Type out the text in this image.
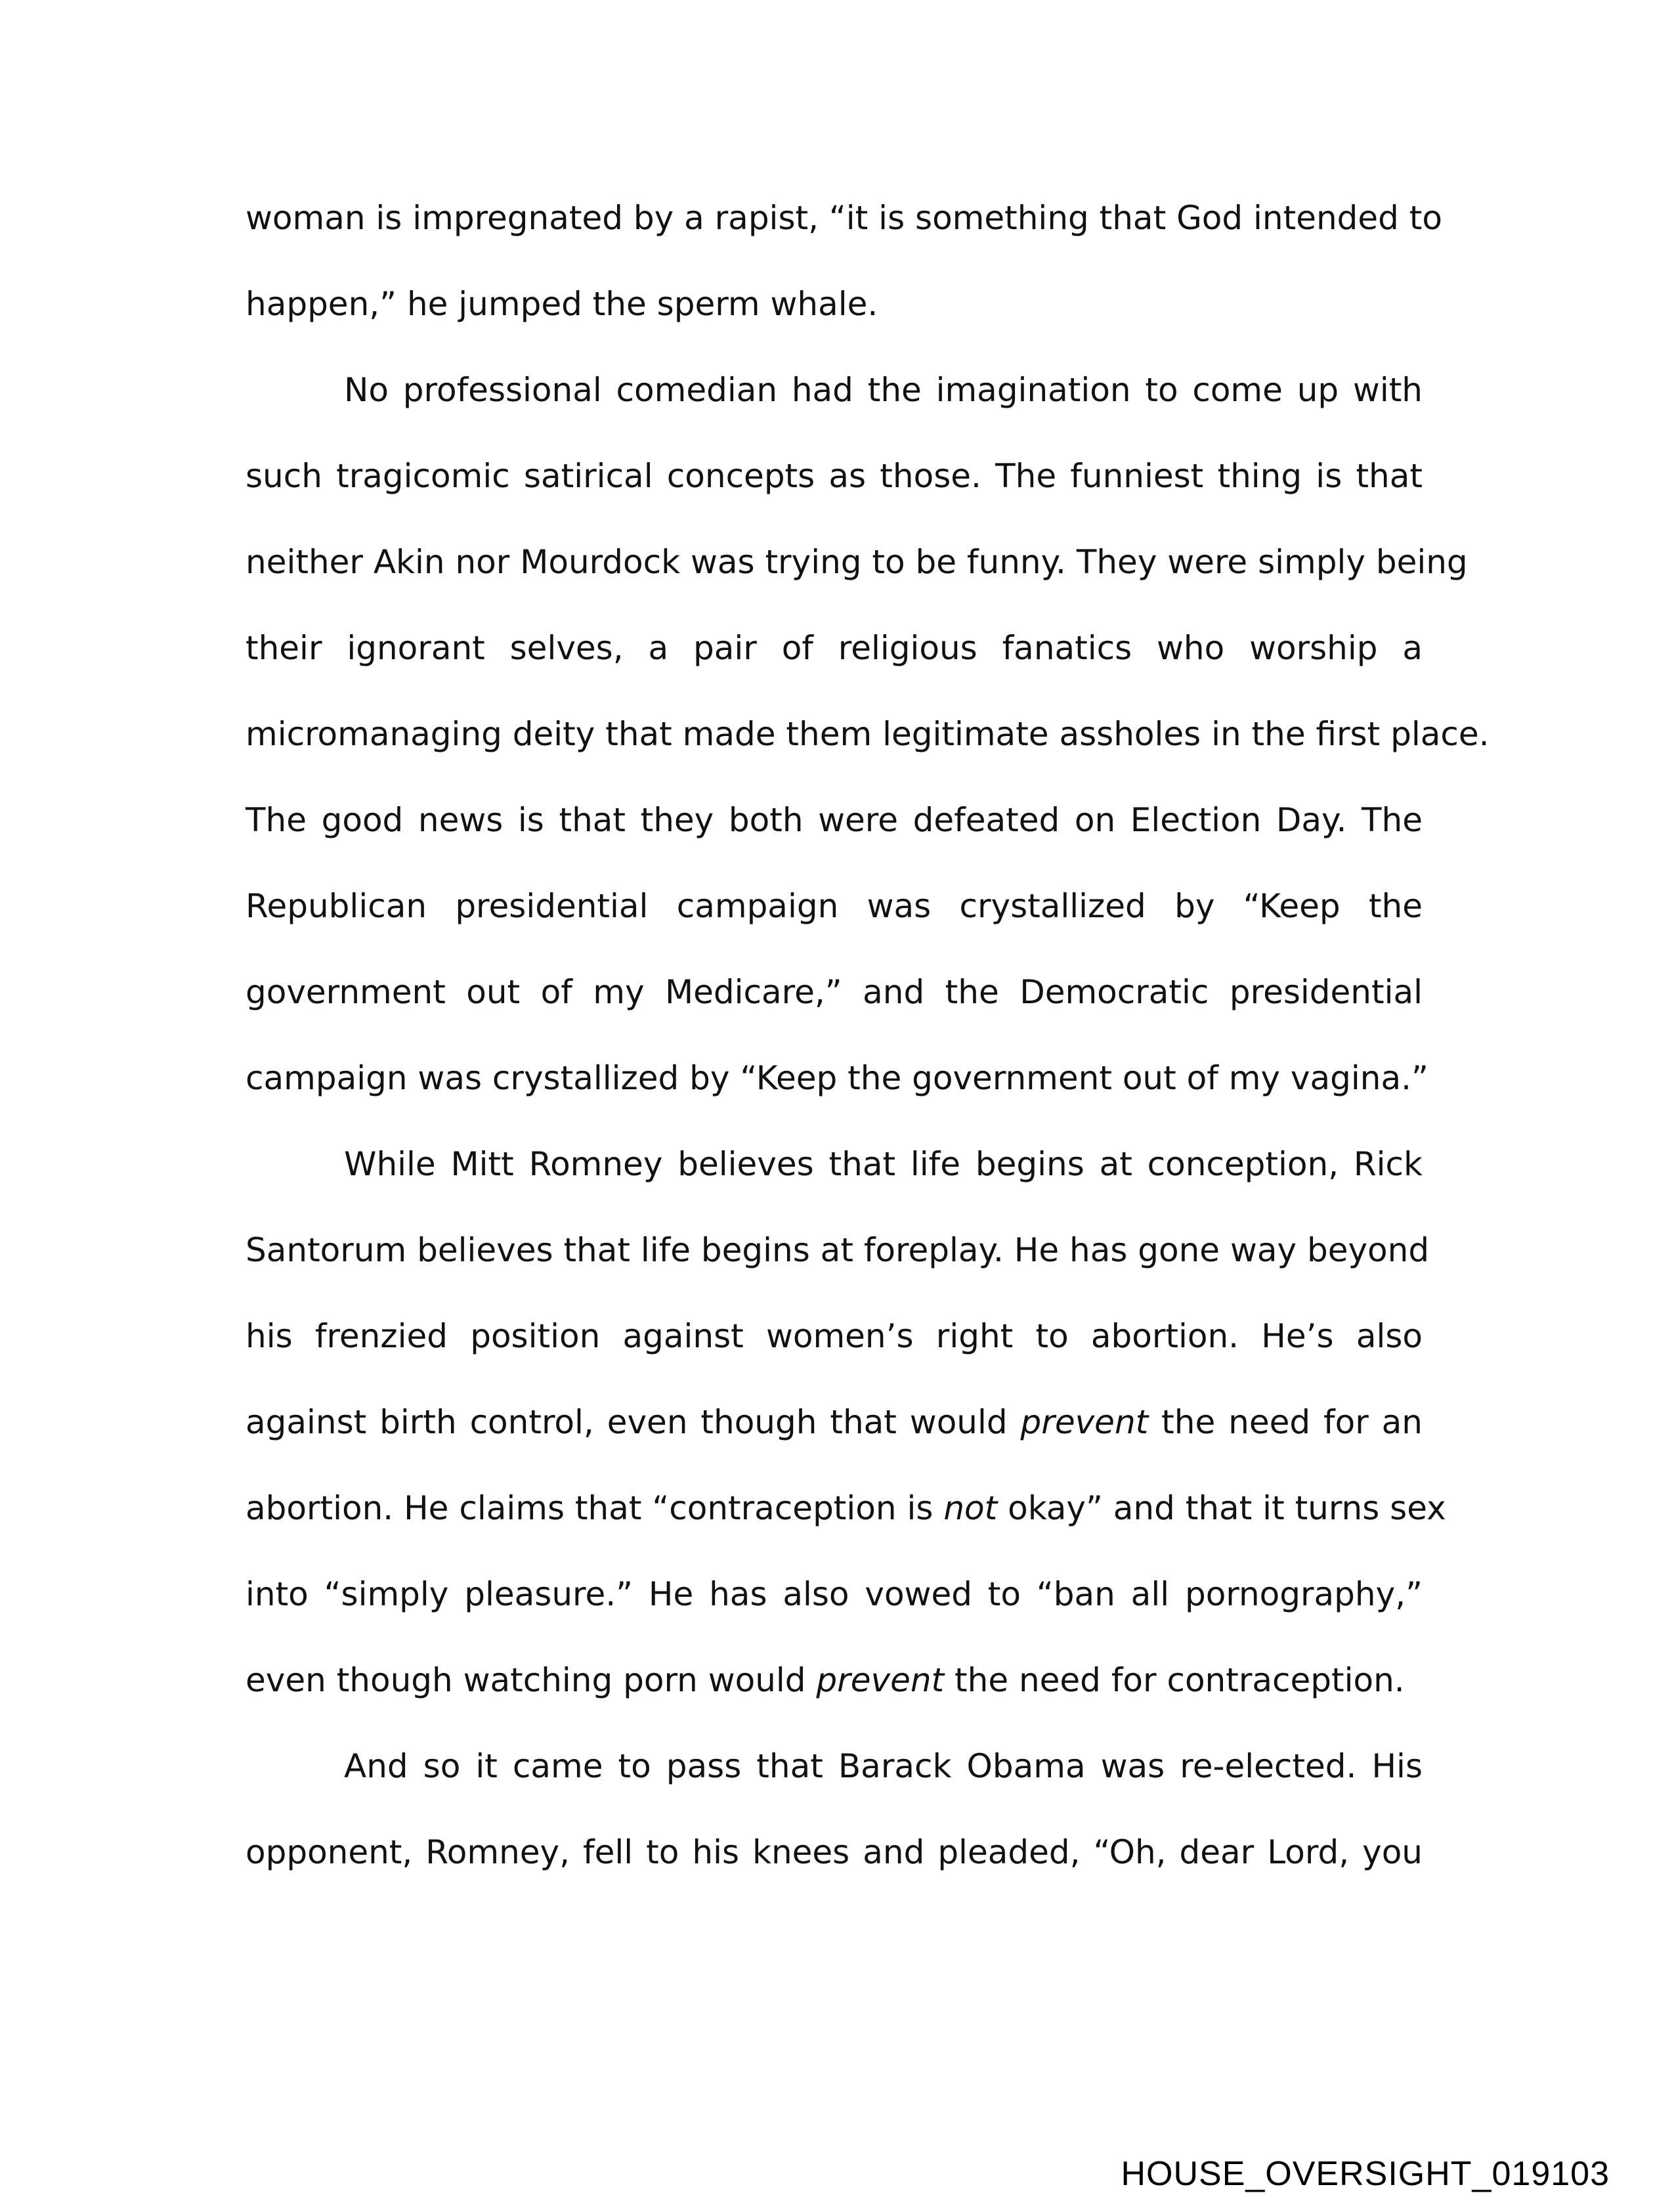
woman is impregnated by a rapist, “it is something that God intended to
happen,” he jumped the sperm whale.
No professional comedian had the imagination to come up with
such tragicomic satirical concepts as those. The funniest thing is that
neither Akin nor Mourdock was trying to be funny. They were simply being
their ignorant selves, a pair of religious fanatics who worship a
micromanaging deity that made them legitimate assholes in the first place.
The good news is that they both were defeated on Election Day. The
Republican presidential campaign was crystallized by “Keep the
government out of my Medicare,” and the Democratic presidential
campaign was crystallized by “Keep the government out of my vagina.”
While Mitt Romney believes that life begins at conception, Rick
Santorum believes that life begins at foreplay. He has gone way beyond
his frenzied position against women’s right to abortion. He’s also
against birth control, even though that would prevent the need for an
abortion. He claims that “contraception is not okay” and that it turns sex
into “simply pleasure.” He has also vowed to “ban all pornography,”
even though watching porn would prevent the need for contraception.
And so it came to pass that Barack Obama was re-elected. His
opponent, Romney, fell to his knees and pleaded, “Oh, dear Lord, you
HOUSE_OVERSIGHT_019103
